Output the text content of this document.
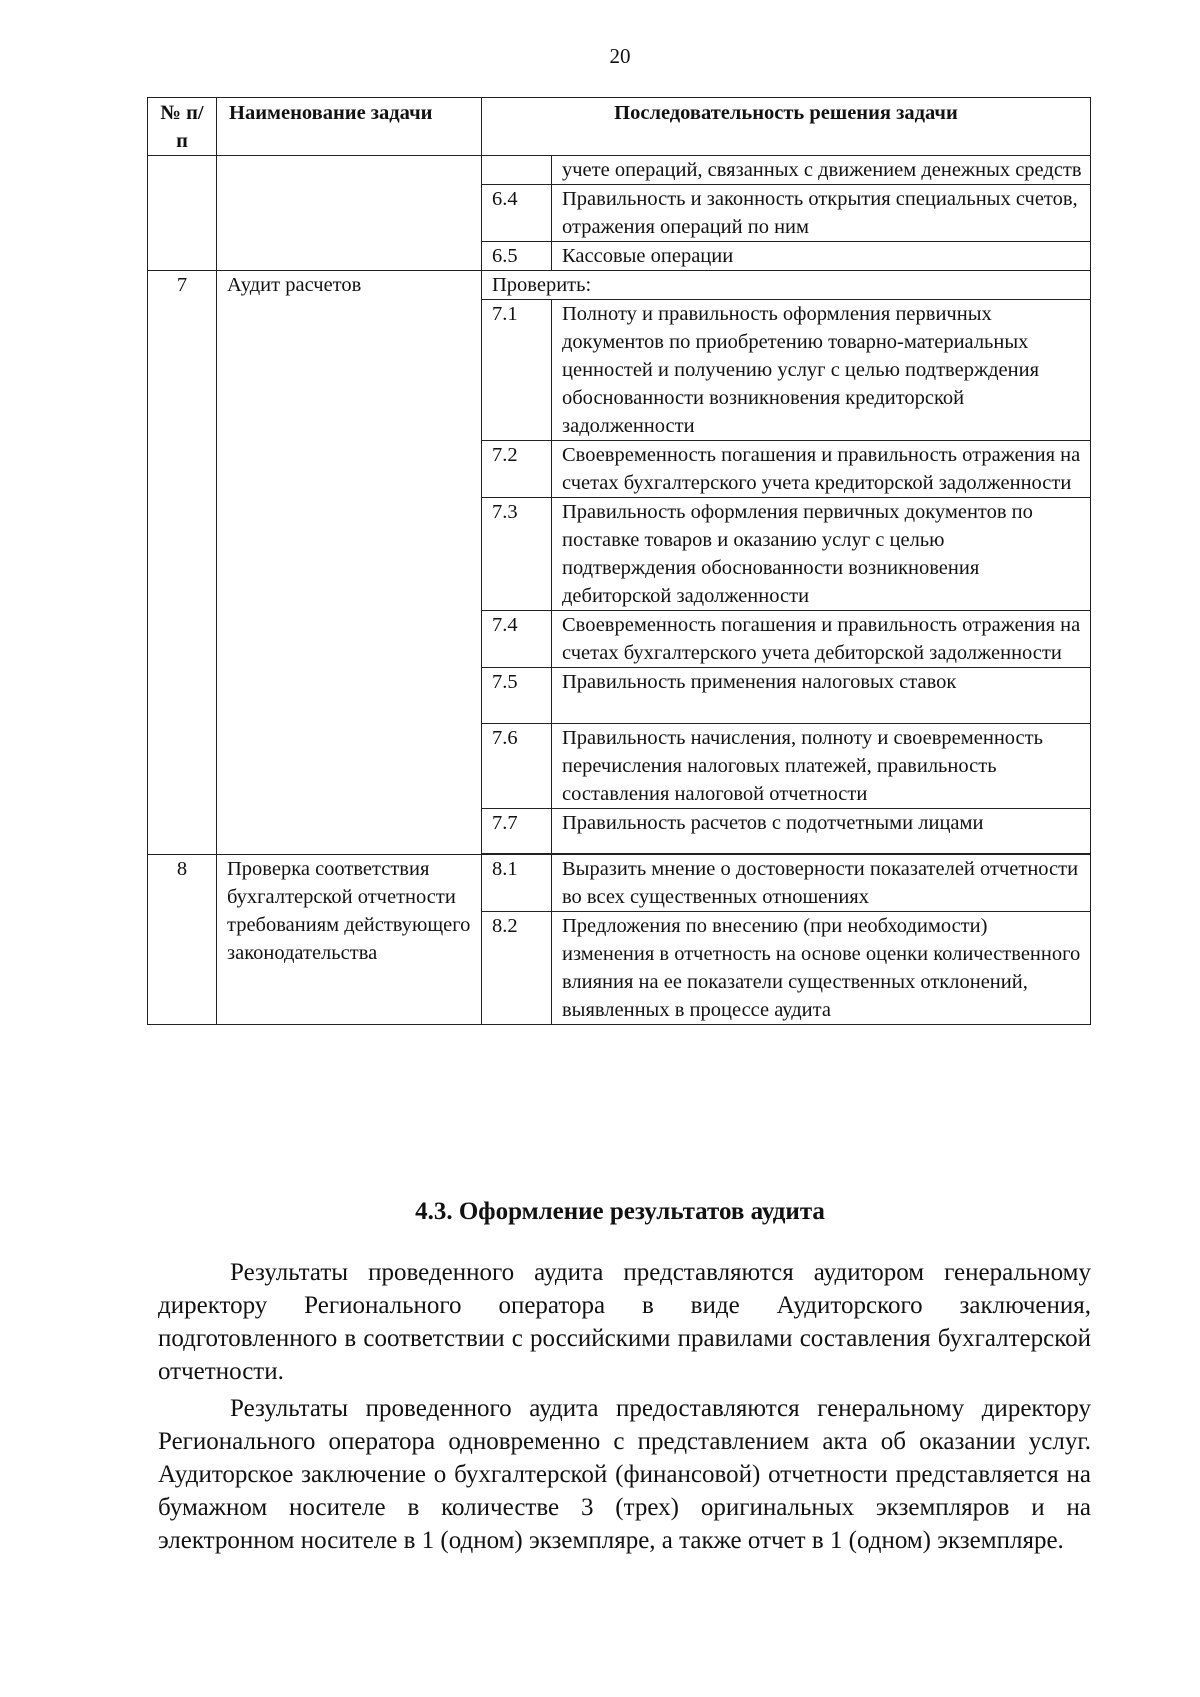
20
№ п/п	Наименование задачи	Последовательность решения задачи	
			учете операций, связанных с движением денежных средств
		6.4	Правильность и законность открытия специальных счетов, отражения операций по ним
		6.5	Кассовые операции
7	Аудит расчетов	Проверить:	
		7.1	Полноту и правильность оформления первичных документов по приобретению товарно-материальных ценностей и получению услуг с целью подтверждения обоснованности возникновения кредиторской задолженности
		7.2	Своевременность погашения и правильность отражения на счетах бухгалтерского учета кредиторской задолженности
		7.3	Правильность оформления первичных документов по поставке товаров и оказанию услуг с целью подтверждения обоснованности возникновения дебиторской задолженности
		7.4	Своевременность погашения и правильность отражения на счетах бухгалтерского учета дебиторской задолженности
		7.5	Правильность применения налоговых ставок
		7.6	Правильность начисления, полноту и своевременность перечисления налоговых платежей, правильность составления налоговой отчетности
		7.7	Правильность расчетов с подотчетными лицами

8	Проверка соответствия бухгалтерской отчетности требованиям действующего законодательства	8.1	Выразить мнение о достоверности показателей отчетности во всех существенных отношениях
		8.2	Предложения по внесению (при необходимости) изменения в отчетность на основе оценки количественного влияния на ее показатели существенных отклонений, выявленных в процессе аудита
4.3. Оформление результатов аудита
Результаты проведенного аудита представляются аудитором генеральному директору Регионального оператора в виде Аудиторского заключения, подготовленного в соответствии с российскими правилами составления бухгалтерской отчетности.
Результаты проведенного аудита предоставляются генеральному директору Регионального оператора одновременно с представлением акта об оказании услуг. Аудиторское заключение о бухгалтерской (финансовой) отчетности представляется на бумажном носителе в количестве 3 (трех) оригинальных экземпляров и на электронном носителе в 1 (одном) экземпляре, а также отчет в 1 (одном) экземпляре.
